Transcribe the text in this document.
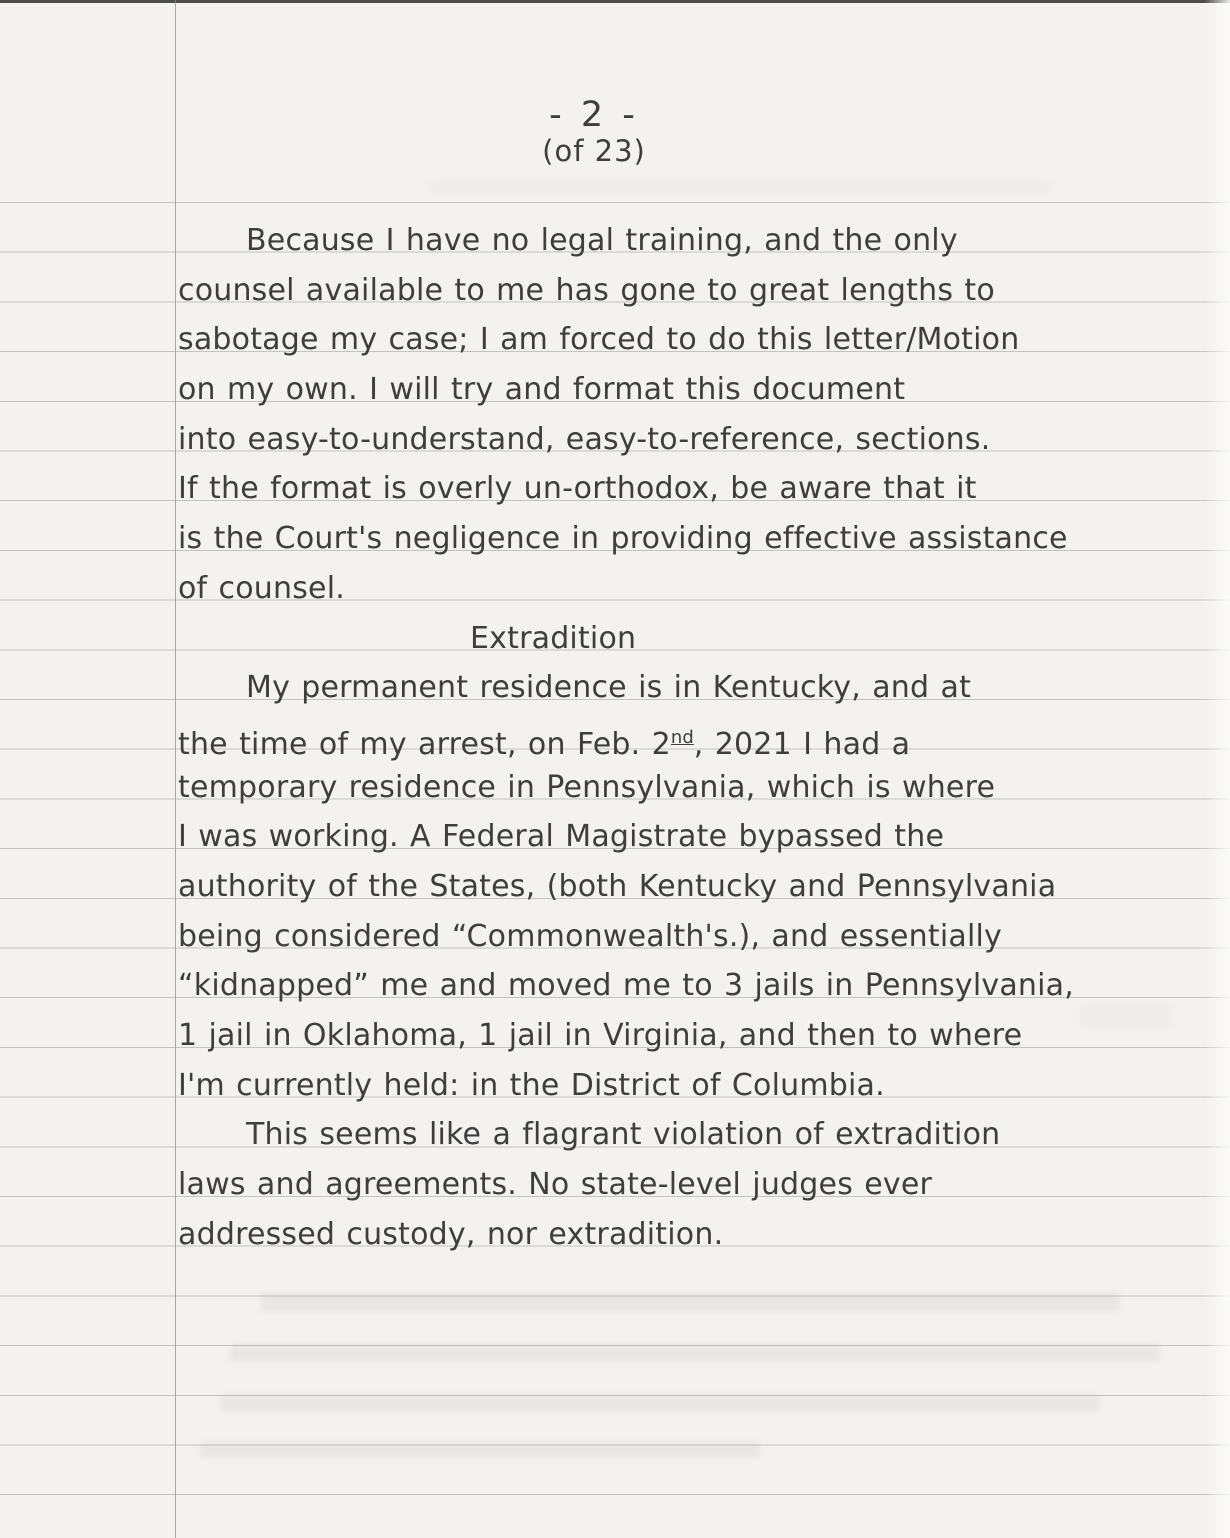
- 2 -
(of 23)
Because I have no legal training, and the only
counsel available to me has gone to great lengths to
sabotage my case; I am forced to do this letter/Motion
on my own. I will try and format this document
into easy-to-understand, easy-to-reference, sections.
If the format is overly un-orthodox, be aware that it
is the Court's negligence in providing effective assistance
of counsel.
Extradition
My permanent residence is in Kentucky, and at
the time of my arrest, on Feb. 2nd, 2021 I had a
temporary residence in Pennsylvania, which is where
I was working. A Federal Magistrate bypassed the
authority of the States, (both Kentucky and Pennsylvania
being considered “Commonwealth's.), and essentially
“kidnapped” me and moved me to 3 jails in Pennsylvania,
1 jail in Oklahoma, 1 jail in Virginia, and then to where
I'm currently held: in the District of Columbia.
This seems like a flagrant violation of extradition
laws and agreements. No state-level judges ever
addressed custody, nor extradition.
